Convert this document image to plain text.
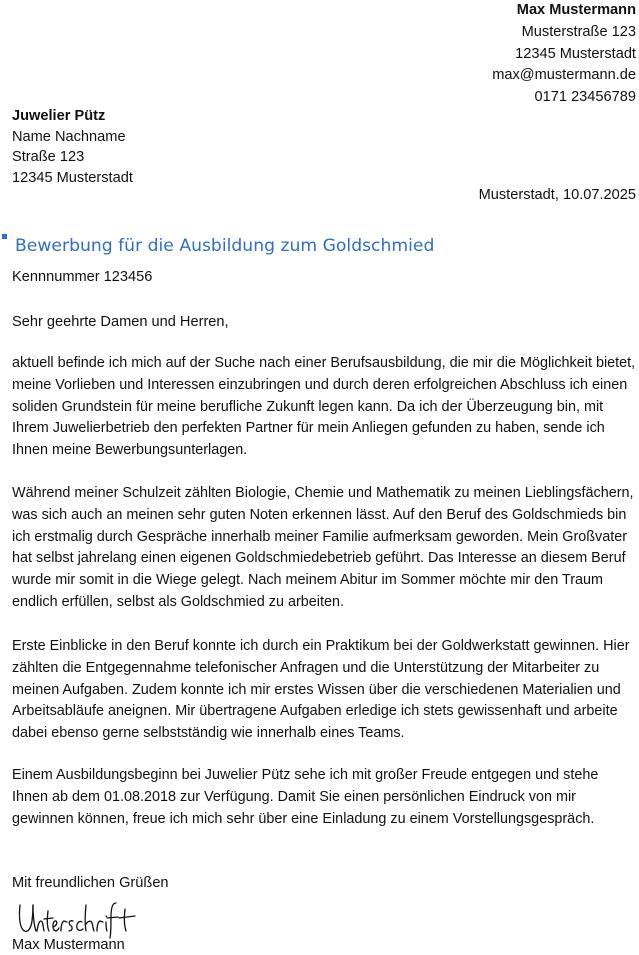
Max Mustermann
Musterstraße 123
12345 Musterstadt
max@mustermann.de
0171 23456789
Juwelier Pütz
Name Nachname
Straße 123
12345 Musterstadt
Musterstadt, 10.07.2025
Bewerbung für die Ausbildung zum Goldschmied
Kennnummer 123456
Sehr geehrte Damen und Herren,
aktuell befinde ich mich auf der Suche nach einer Berufsausbildung, die mir die Möglichkeit bietet, meine Vorlieben und Interessen einzubringen und durch deren erfolgreichen Abschluss ich einen soliden Grundstein für meine berufliche Zukunft legen kann. Da ich der Überzeugung bin, mit Ihrem Juwelierbetrieb den perfekten Partner für mein Anliegen gefunden zu haben, sende ich Ihnen meine Bewerbungsunterlagen.
Während meiner Schulzeit zählten Biologie, Chemie und Mathematik zu meinen Lieblingsfächern, was sich auch an meinen sehr guten Noten erkennen lässt. Auf den Beruf des Goldschmieds bin ich erstmalig durch Gespräche innerhalb meiner Familie aufmerksam geworden. Mein Großvater hat selbst jahrelang einen eigenen Goldschmiedebetrieb geführt. Das Interesse an diesem Beruf wurde mir somit in die Wiege gelegt. Nach meinem Abitur im Sommer möchte mir den Traum endlich erfüllen, selbst als Goldschmied zu arbeiten.
Erste Einblicke in den Beruf konnte ich durch ein Praktikum bei der Goldwerkstatt gewinnen. Hier zählten die Entgegennahme telefonischer Anfragen und die Unterstützung der Mitarbeiter zu meinen Aufgaben. Zudem konnte ich mir erstes Wissen über die verschiedenen Materialien und Arbeitsabläufe aneignen. Mir übertragene Aufgaben erledige ich stets gewissenhaft und arbeite dabei ebenso gerne selbstständig wie innerhalb eines Teams.
Einem Ausbildungsbeginn bei Juwelier Pütz sehe ich mit großer Freude entgegen und stehe Ihnen ab dem 01.08.2018 zur Verfügung. Damit Sie einen persönlichen Eindruck von mir gewinnen können, freue ich mich sehr über eine Einladung zu einem Vorstellungsgespräch.
Mit freundlichen Grüßen
Max Mustermann
